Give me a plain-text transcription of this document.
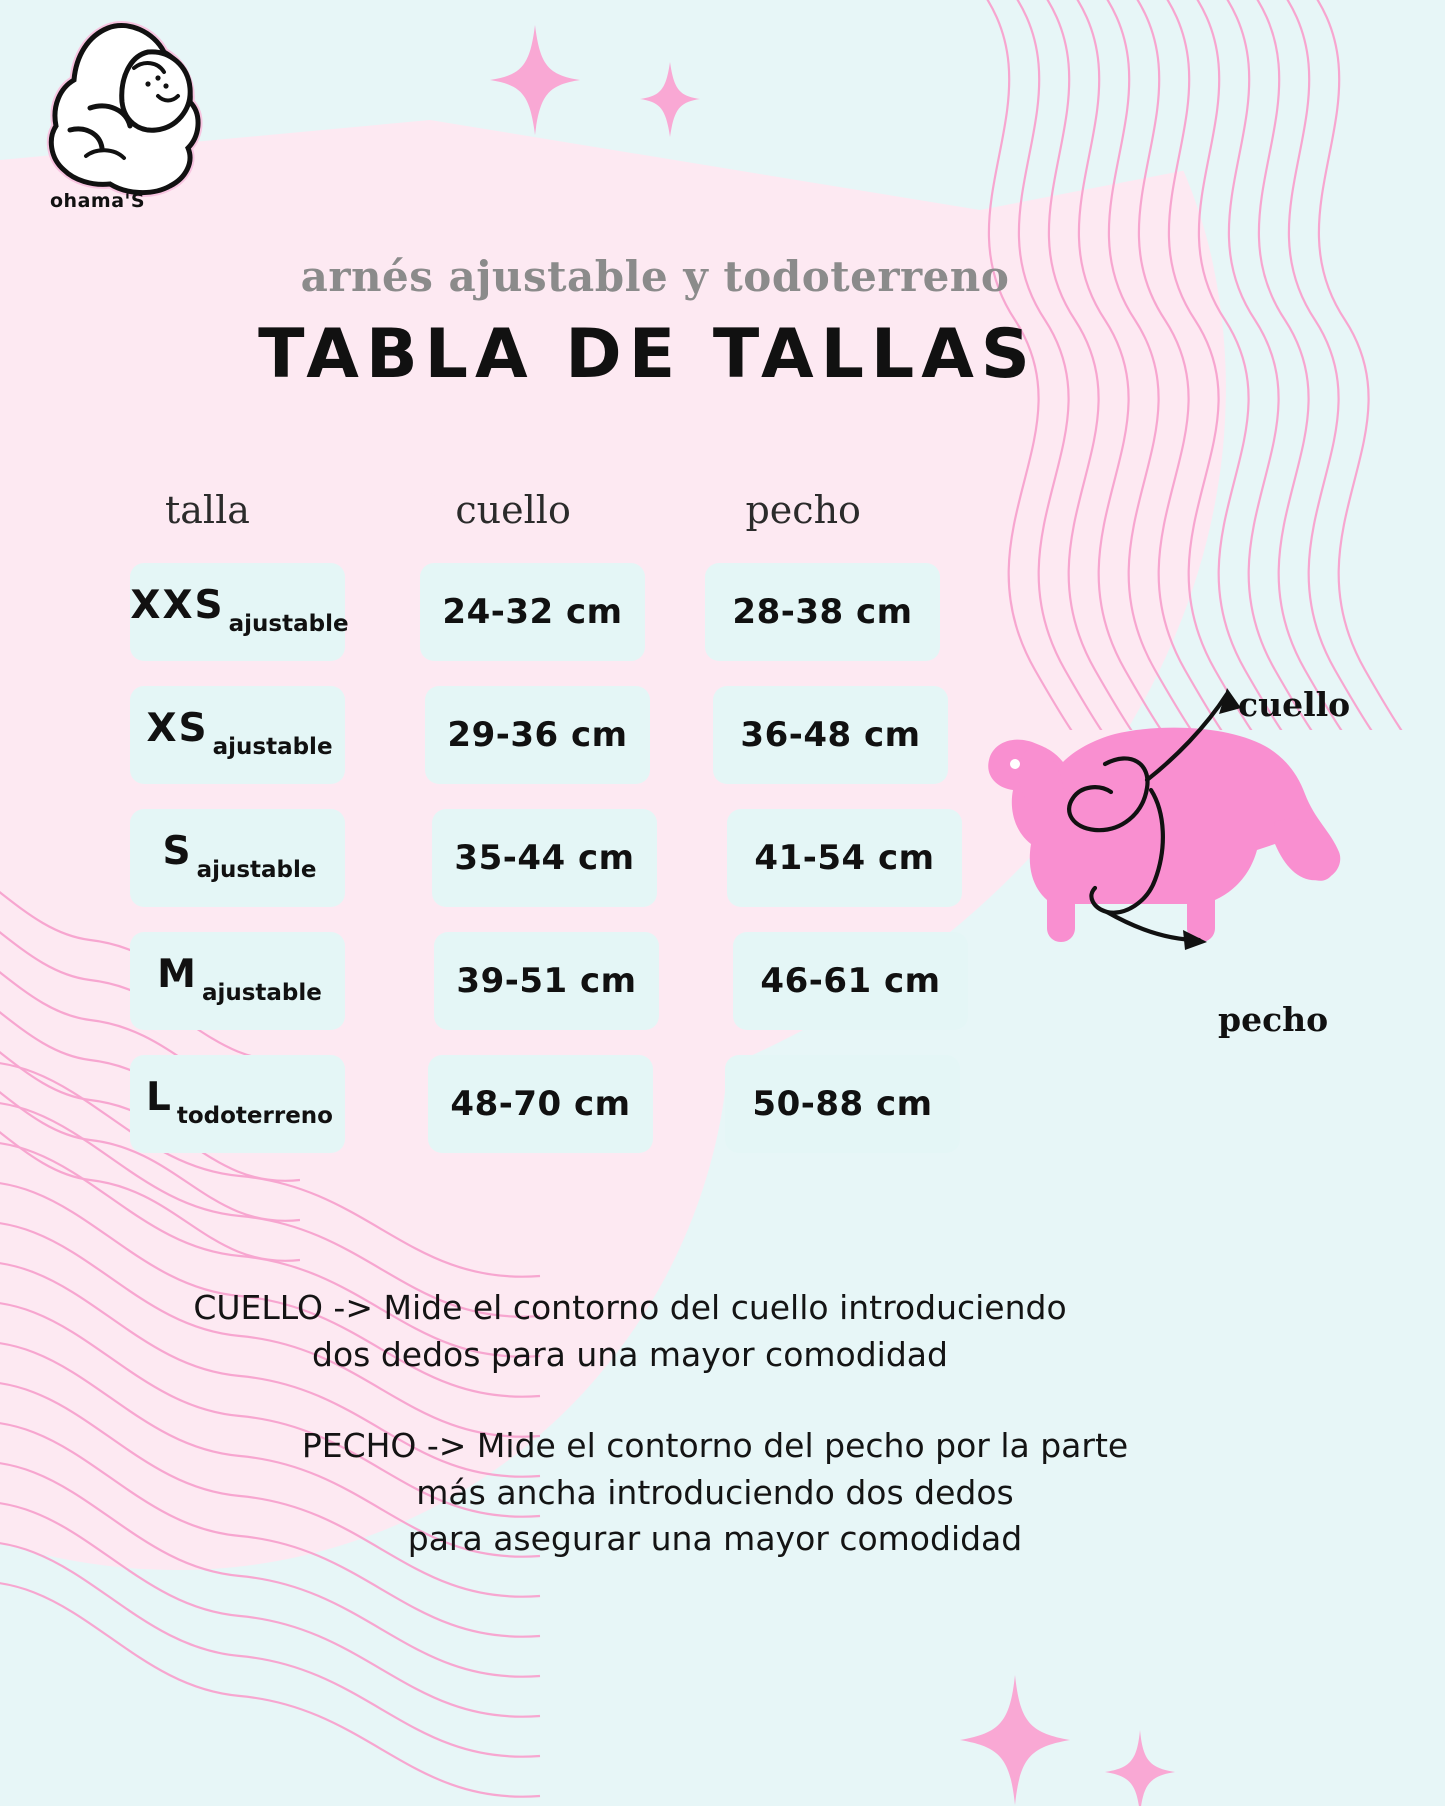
ohama'S
arnés ajustable y todoterreno
TABLA DE TALLAS
talla	cuello	pecho
XXS ajustable	24-32 cm	28-38 cm
XS ajustable	29-36 cm	36-48 cm
S ajustable	35-44 cm	41-54 cm
M ajustable	39-51 cm	46-61 cm
L todoterreno	48-70 cm	50-88 cm
cuello
pecho
CUELLO -> Mide el contorno del cuello introduciendo
dos dedos para una mayor comodidad
PECHO -> Mide el contorno del pecho por la parte
más ancha introduciendo dos dedos
para asegurar una mayor comodidad
